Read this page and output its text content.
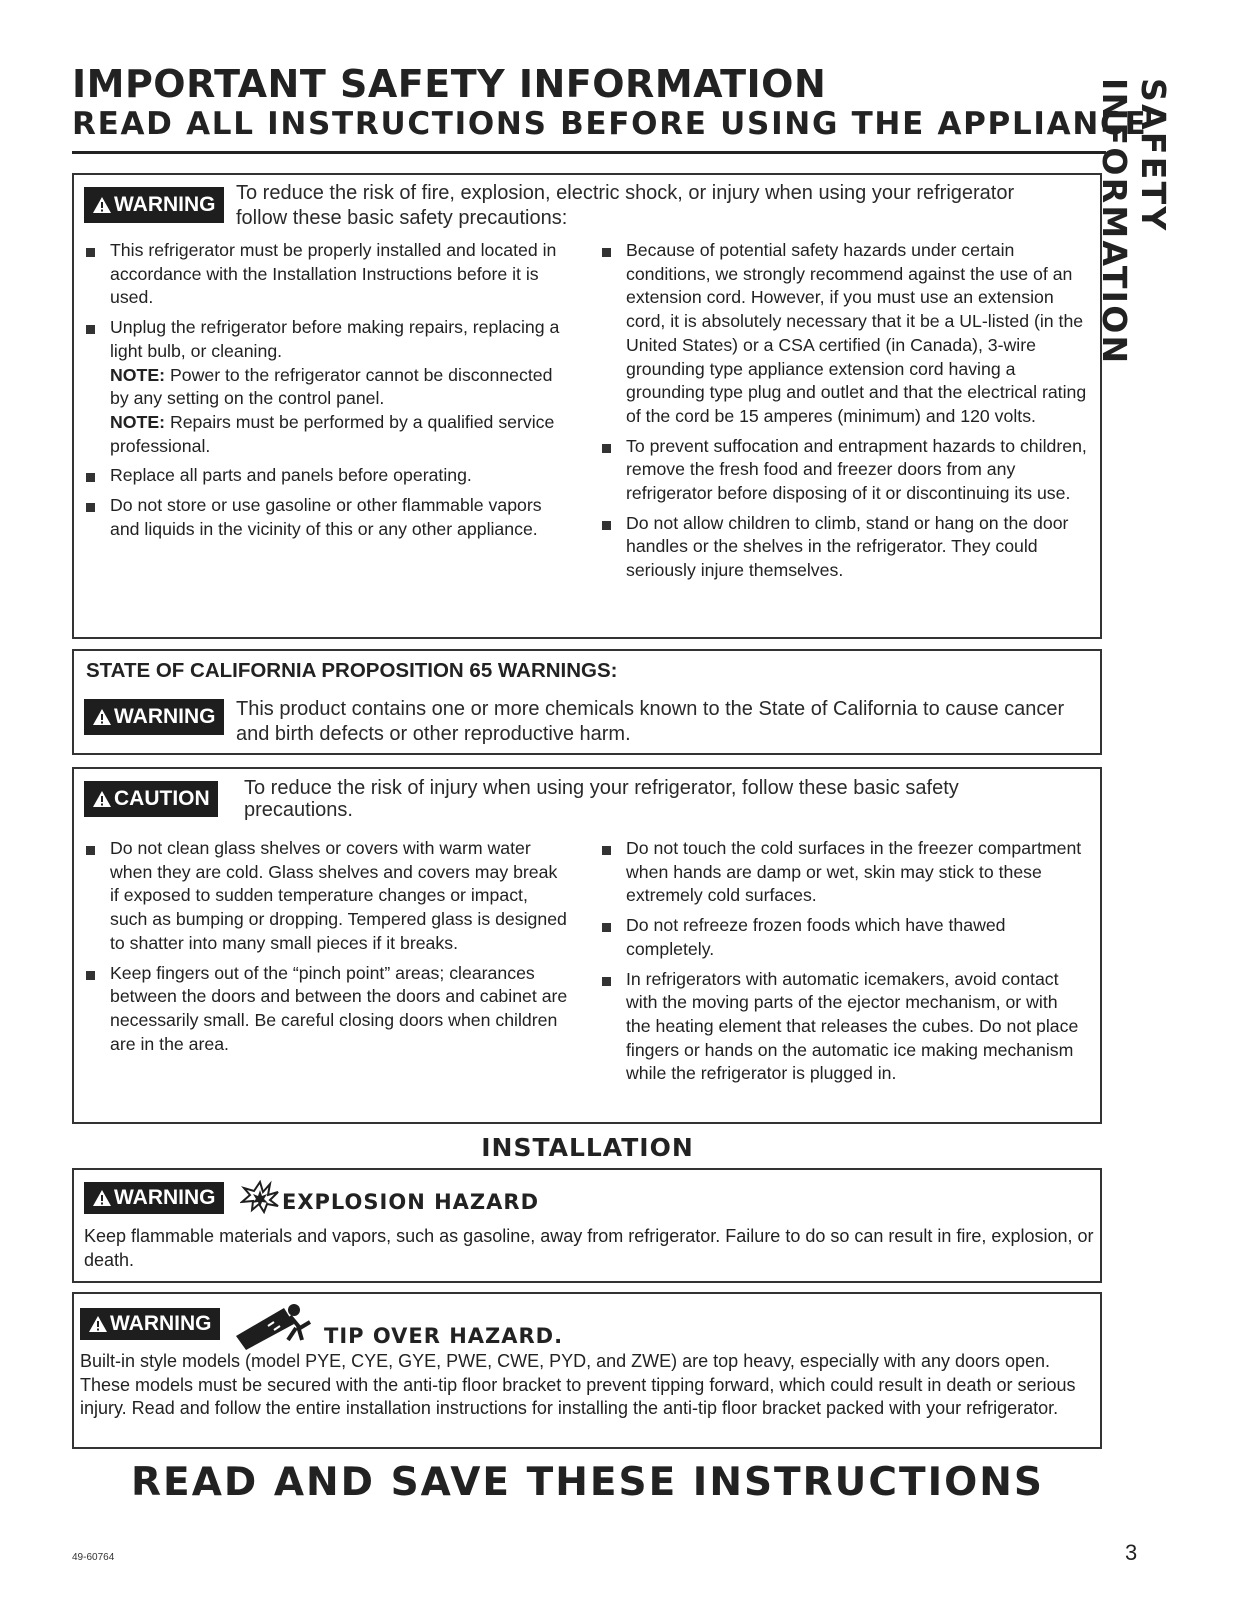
IMPORTANT SAFETY INFORMATION
READ ALL INSTRUCTIONS BEFORE USING THE APPLIANCE
SAFETY INFORMATION
WARNING To reduce the risk of fire, explosion, electric shock, or injury when using your refrigerator follow these basic safety precautions:
This refrigerator must be properly installed and located in accordance with the Installation Instructions before it is used.
Unplug the refrigerator before making repairs, replacing a light bulb, or cleaning.
NOTE: Power to the refrigerator cannot be disconnected by any setting on the control panel.
NOTE: Repairs must be performed by a qualified service professional.
Replace all parts and panels before operating.
Do not store or use gasoline or other flammable vapors and liquids in the vicinity of this or any other appliance.
Because of potential safety hazards under certain conditions, we strongly recommend against the use of an extension cord. However, if you must use an extension cord, it is absolutely necessary that it be a UL-listed (in the United States) or a CSA certified (in Canada), 3-wire grounding type appliance extension cord having a grounding type plug and outlet and that the electrical rating of the cord be 15 amperes (minimum) and 120 volts.
To prevent suffocation and entrapment hazards to children, remove the fresh food and freezer doors from any refrigerator before disposing of it or discontinuing its use.
Do not allow children to climb, stand or hang on the door handles or the shelves in the refrigerator. They could seriously injure themselves.
STATE OF CALIFORNIA PROPOSITION 65 WARNINGS:
WARNING This product contains one or more chemicals known to the State of California to cause cancer and birth defects or other reproductive harm.
CAUTION To reduce the risk of injury when using your refrigerator, follow these basic safety precautions.
Do not clean glass shelves or covers with warm water when they are cold. Glass shelves and covers may break if exposed to sudden temperature changes or impact, such as bumping or dropping. Tempered glass is designed to shatter into many small pieces if it breaks.
Keep fingers out of the “pinch point” areas; clearances between the doors and between the doors and cabinet are necessarily small. Be careful closing doors when children are in the area.
Do not touch the cold surfaces in the freezer compartment when hands are damp or wet, skin may stick to these extremely cold surfaces.
Do not refreeze frozen foods which have thawed completely.
In refrigerators with automatic icemakers, avoid contact with the moving parts of the ejector mechanism, or with the heating element that releases the cubes. Do not place fingers or hands on the automatic ice making mechanism while the refrigerator is plugged in.
INSTALLATION
WARNING	EXPLOSION HAZARD
Keep flammable materials and vapors, such as gasoline, away from refrigerator. Failure to do so can result in fire, explosion, or death.
WARNING
TIP OVER HAZARD.
Built-in style models (model PYE, CYE, GYE, PWE, CWE, PYD, and ZWE) are top heavy, especially with any doors open. These models must be secured with the anti-tip floor bracket to prevent tipping forward, which could result in death or serious injury. Read and follow the entire installation instructions for installing the anti-tip floor bracket packed with your refrigerator.
READ AND SAVE THESE INSTRUCTIONS
49-60764	3
